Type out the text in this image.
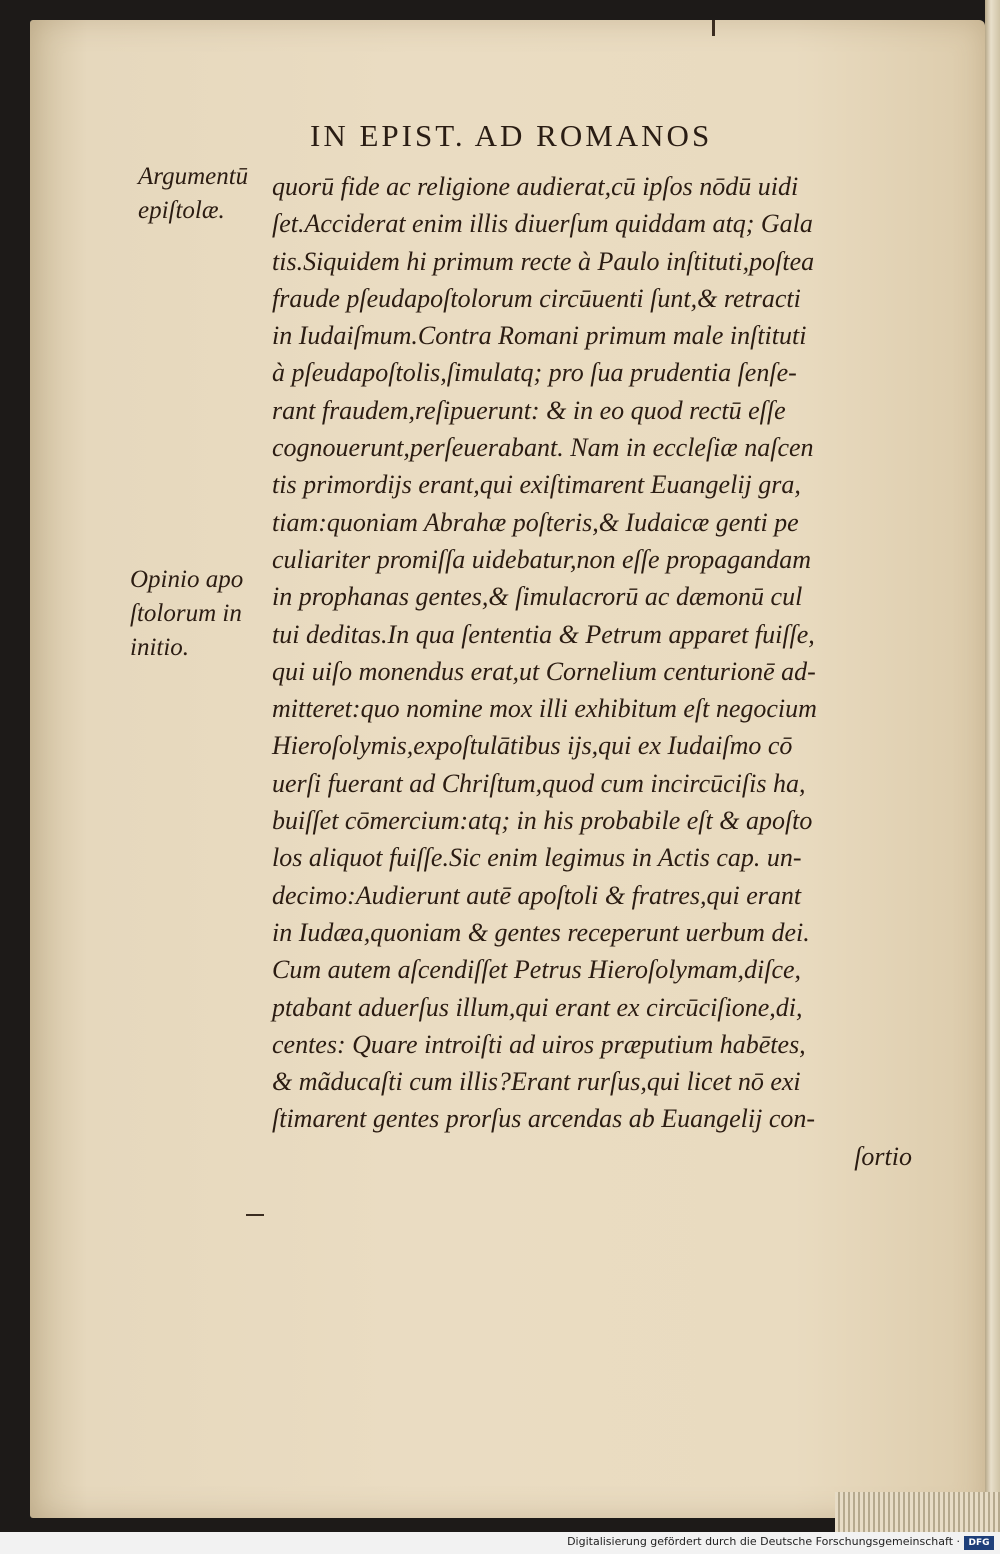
IN EPIST. AD ROMANOS
Argumentū
epiſtolæ.
Opinio apo
ſtolorum in
initio.
quorū fide ac religione audierat,cū ipſos nōdū uidi
ſet.Acciderat enim illis diuerſum quiddam atq; Gala
tis.Siquidem hi primum recte à Paulo inſtituti,poſtea
fraude pſeudapoſtolorum circūuenti ſunt,& retracti
in Iudaiſmum.Contra Romani primum male inſtituti
à pſeudapoſtolis,ſimulatq; pro ſua prudentia ſenſe-
rant fraudem,reſipuerunt: & in eo quod rectū eſſe
cognouerunt,perſeuerabant. Nam in eccleſiæ naſcen
tis primordijs erant,qui exiſtimarent Euangelij gra,
tiam:quoniam Abrahæ poſteris,& Iudaicæ genti pe
culiariter promiſſa uidebatur,non eſſe propagandam
in prophanas gentes,& ſimulacrorū ac dæmonū cul
tui deditas.In qua ſententia & Petrum apparet fuiſſe,
qui uiſo monendus erat,ut Cornelium centurionē ad-
mitteret:quo nomine mox illi exhibitum eſt negocium
Hieroſolymis,expoſtulātibus ijs,qui ex Iudaiſmo cō
uerſi fuerant ad Chriſtum,quod cum incircūciſis ha,
buiſſet cōmercium:atq; in his probabile eſt & apoſto
los aliquot fuiſſe.Sic enim legimus in Actis cap. un-
decimo:Audierunt autē apoſtoli & fratres,qui erant
in Iudæa,quoniam & gentes receperunt uerbum dei.
Cum autem aſcendiſſet Petrus Hieroſolymam,diſce,
ptabant aduerſus illum,qui erant ex circūciſione,di,
centes: Quare introiſti ad uiros præputium habētes,
& mãducaſti cum illis?Erant rurſus,qui licet nō exi
ſtimarent gentes prorſus arcendas ab Euangelij con-
ſortio
Digitalisierung gefördert durch die Deutsche Forschungsgemeinschaft · DFG
